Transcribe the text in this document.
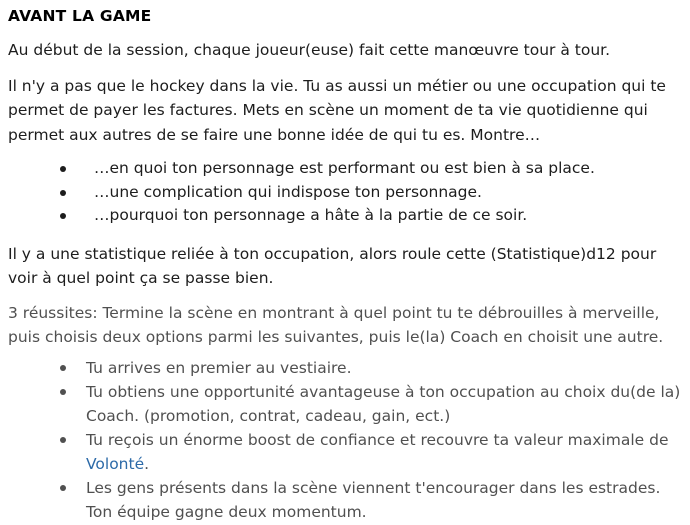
AVANT LA GAME

Au début de la session, chaque joueur(euse) fait cette manœuvre tour à tour.

Il n'y a pas que le hockey dans la vie. Tu as aussi un métier ou une occupation qui te permet de payer les factures. Mets en scène un moment de ta vie quotidienne qui permet aux autres de se faire une bonne idée de qui tu es. Montre…

…en quoi ton personnage est performant ou est bien à sa place.
…une complication qui indispose ton personnage.
…pourquoi ton personnage a hâte à la partie de ce soir.

Il y a une statistique reliée à ton occupation, alors roule cette (Statistique)d12 pour voir à quel point ça se passe bien.

3 réussites: Termine la scène en montrant à quel point tu te débrouilles à merveille, puis choisis deux options parmi les suivantes, puis le(la) Coach en choisit une autre.

Tu arrives en premier au vestiaire.
Tu obtiens une opportunité avantageuse à ton occupation au choix du(de la) Coach. (promotion, contrat, cadeau, gain, ect.)
Tu reçois un énorme boost de confiance et recouvre ta valeur maximale de Volonté.
Les gens présents dans la scène viennent t'encourager dans les estrades. Ton équipe gagne deux momentum.
